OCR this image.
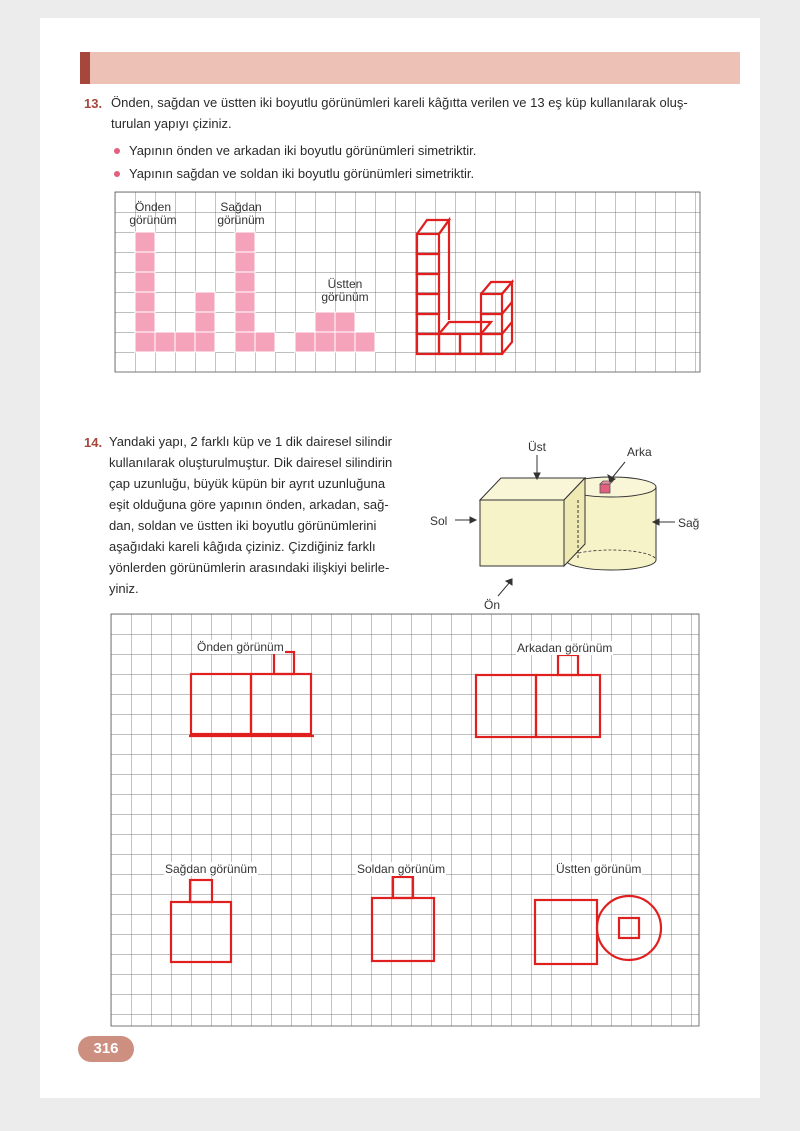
13. Önden, sağdan ve üstten iki boyutlu görünümleri kareli kâğıtta verilen ve 13 eş küp kullanılarak oluş-
turulan yapıyı çiziniz.
Yapının önden ve arkadan iki boyutlu görünümleri simetriktir.
Yapının sağdan ve soldan iki boyutlu görünümleri simetriktir.
Önden
görünüm
Sağdan
görünüm
Üstten
görünüm
14. Yandaki yapı, 2 farklı küp ve 1 dik dairesel silindir
kullanılarak oluşturulmuştur. Dik dairesel silindirin
çap uzunluğu, büyük küpün bir ayrıt uzunluğuna
eşit olduğuna göre yapının önden, arkadan, sağ-
dan, soldan ve üstten iki boyutlu görünümlerini
aşağıdaki kareli kâğıda çiziniz. Çizdiğiniz farklı
yönlerden görünümlerin arasındaki ilişkiyi belirle-
yiniz.
Üst	Arka
Sol	Sağ
Ön
Önden görünüm	Arkadan görünüm
Sağdan görünüm	Soldan görünüm	Üstten görünüm
316
